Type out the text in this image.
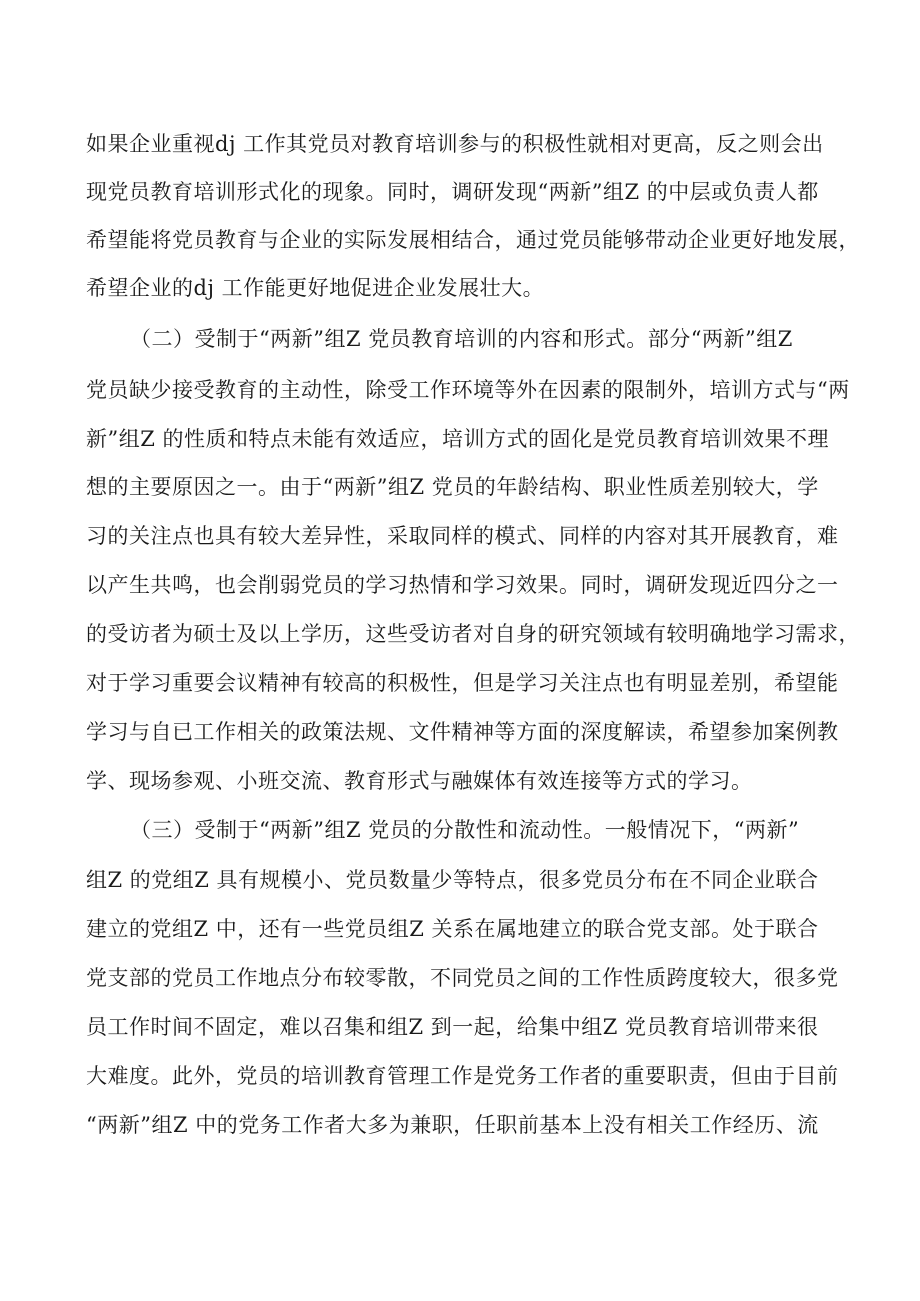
如果企业重视dj 工作其党员对教育培训参与的积极性就相对更高，反之则会出
现党员教育培训形式化的现象。同时，调研发现“两新”组Z 的中层或负责人都
希望能将党员教育与企业的实际发展相结合，通过党员能够带动企业更好地发展，
希望企业的dj 工作能更好地促进企业发展壮大。
（二）受制于“两新”组Z 党员教育培训的内容和形式。部分“两新”组Z
党员缺少接受教育的主动性，除受工作环境等外在因素的限制外，培训方式与“两
新”组Z 的性质和特点未能有效适应，培训方式的固化是党员教育培训效果不理
想的主要原因之一。由于“两新”组Z 党员的年龄结构、职业性质差别较大，学
习的关注点也具有较大差异性，采取同样的模式、同样的内容对其开展教育，难
以产生共鸣，也会削弱党员的学习热情和学习效果。同时，调研发现近四分之一
的受访者为硕士及以上学历，这些受访者对自身的研究领域有较明确地学习需求，
对于学习重要会议精神有较高的积极性，但是学习关注点也有明显差别，希望能
学习与自已工作相关的政策法规、文件精神等方面的深度解读，希望参加案例教
学、现场参观、小班交流、教育形式与融媒体有效连接等方式的学习。
（三）受制于“两新”组Z 党员的分散性和流动性。一般情况下，“两新”
组Z 的党组Z 具有规模小、党员数量少等特点，很多党员分布在不同企业联合
建立的党组Z 中，还有一些党员组Z 关系在属地建立的联合党支部。处于联合
党支部的党员工作地点分布较零散，不同党员之间的工作性质跨度较大，很多党
员工作时间不固定，难以召集和组Z 到一起，给集中组Z 党员教育培训带来很
大难度。此外，党员的培训教育管理工作是党务工作者的重要职责，但由于目前
“两新”组Z 中的党务工作者大多为兼职，任职前基本上没有相关工作经历、流
